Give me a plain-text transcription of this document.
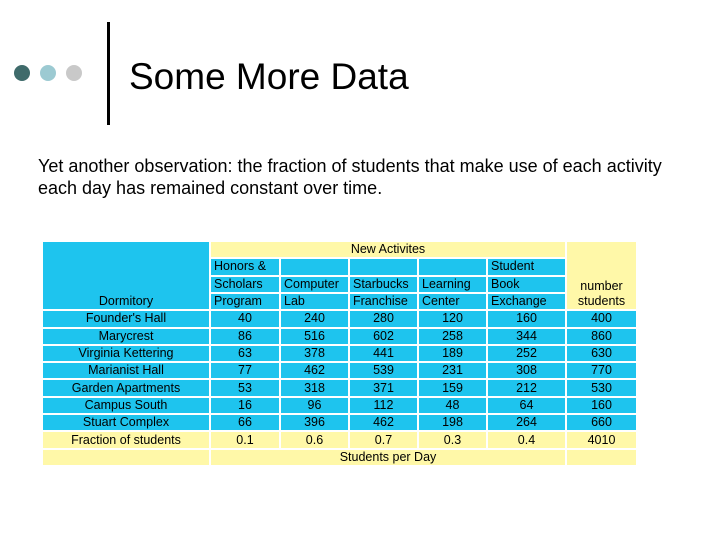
Some More Data
Yet another observation: the fraction of students that make use of each activity each day has remained constant over time.
Dormitory	New Activites					number
students

	Honors &				Student	
	Scholars	Computer	Starbucks	Learning	Book	
	Program	Lab	Franchise	Center	Exchange	
Founder's Hall	40	240	280	120	160	400
Marycrest	86	516	602	258	344	860
Virginia Kettering	63	378	441	189	252	630
Marianist Hall	77	462	539	231	308	770
Garden Apartments	53	318	371	159	212	530
Campus South	16	96	112	48	64	160
Stuart Complex	66	396	462	198	264	660
Fraction of students	0.1	0.6	0.7	0.3	0.4	4010
	Students per Day					
